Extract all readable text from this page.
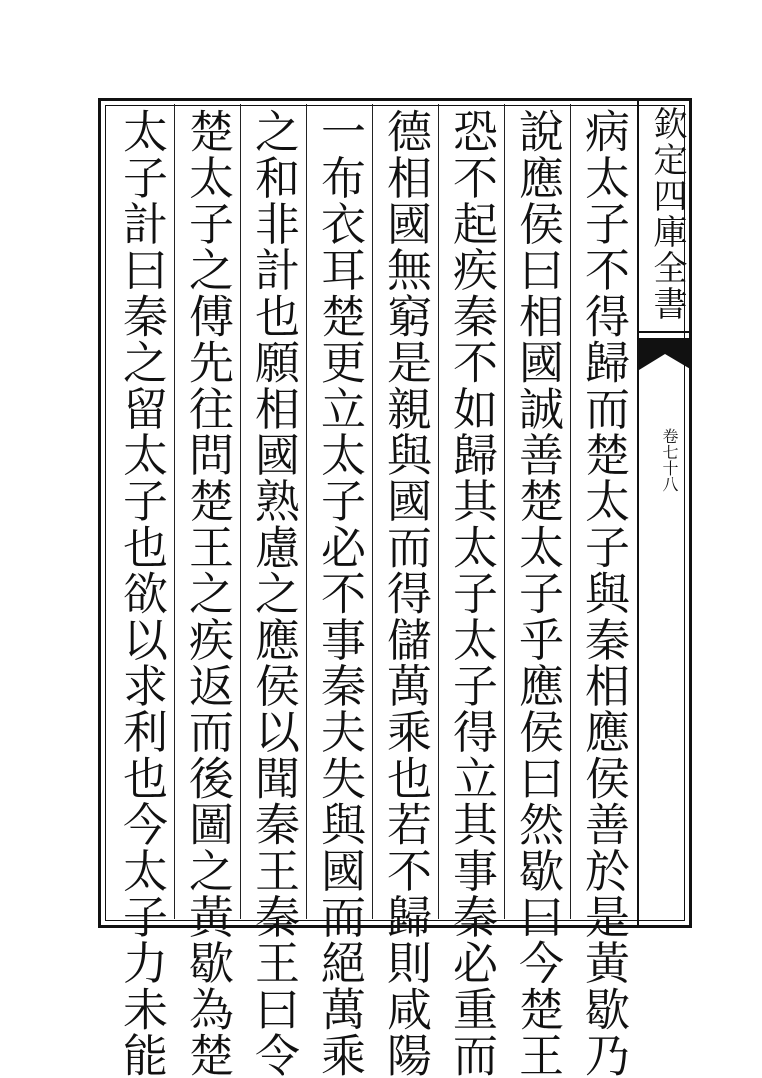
欽定四庫全書
卷七十八
病太子不得歸而楚太子與秦相應侯善於是黃歇乃
說應侯曰相國誠善楚太子乎應侯曰然歇曰今楚王
恐不起疾秦不如歸其太子太子得立其事秦必重而
德相國無窮是親與國而得儲萬乘也若不歸則咸陽
一布衣耳楚更立太子必不事秦夫失與國而絕萬乘
之和非計也願相國熟慮之應侯以聞秦王秦王曰令
楚太子之傅先往問楚王之疾返而後圖之黃歇為楚
太子計曰秦之留太子也欲以求利也今太子力未能
